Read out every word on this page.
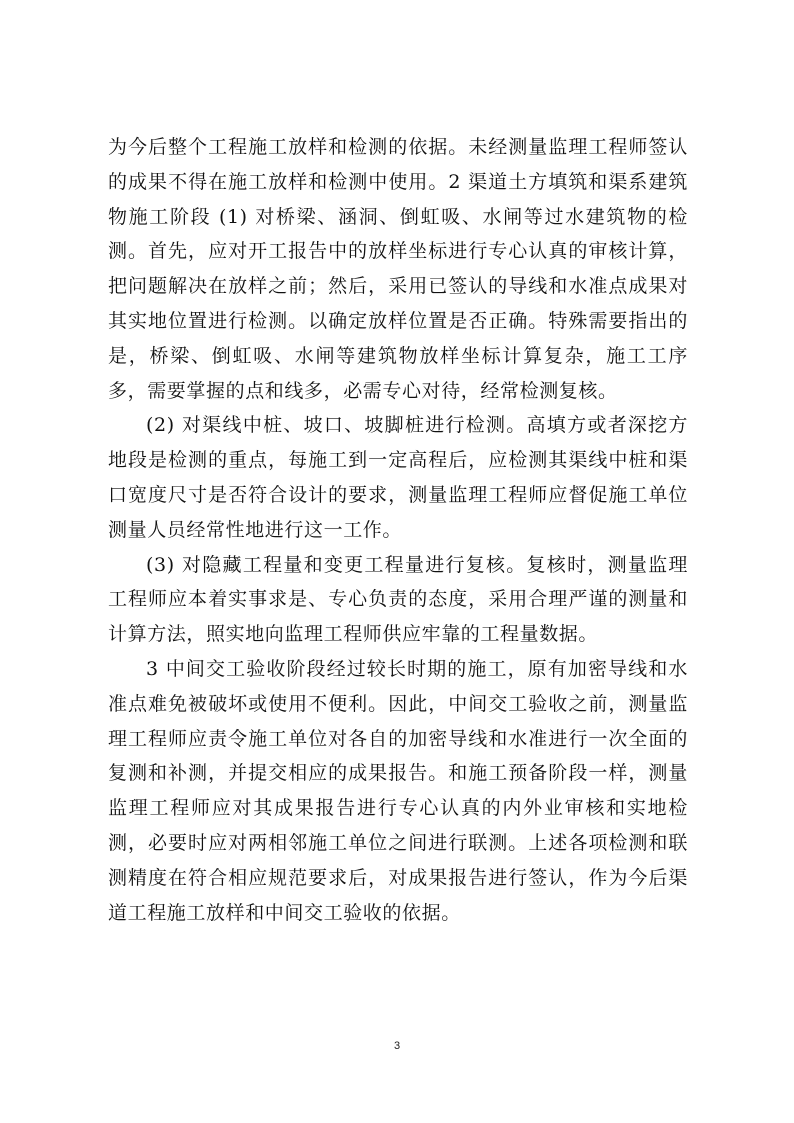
为今后整个工程施工放样和检测的依据。未经测量监理工程师签认的成果不得在施工放样和检测中使用。2 渠道土方填筑和渠系建筑物施工阶段 (1) 对桥梁、涵洞、倒虹吸、水闸等过水建筑物的检测。首先，应对开工报告中的放样坐标进行专心认真的审核计算，把问题解决在放样之前；然后，采用已签认的导线和水准点成果对其实地位置进行检测。以确定放样位置是否正确。特殊需要指出的是，桥梁、倒虹吸、水闸等建筑物放样坐标计算复杂，施工工序多，需要掌握的点和线多，必需专心对待，经常检测复核。

(2) 对渠线中桩、坡口、坡脚桩进行检测。高填方或者深挖方地段是检测的重点，每施工到一定高程后，应检测其渠线中桩和渠口宽度尺寸是否符合设计的要求，测量监理工程师应督促施工单位测量人员经常性地进行这一工作。

(3) 对隐藏工程量和变更工程量进行复核。复核时，测量监理工程师应本着实事求是、专心负责的态度，采用合理严谨的测量和计算方法，照实地向监理工程师供应牢靠的工程量数据。

3 中间交工验收阶段经过较长时期的施工，原有加密导线和水准点难免被破坏或使用不便利。因此，中间交工验收之前，测量监理工程师应责令施工单位对各自的加密导线和水准进行一次全面的复测和补测，并提交相应的成果报告。和施工预备阶段一样，测量监理工程师应对其成果报告进行专心认真的内外业审核和实地检测，必要时应对两相邻施工单位之间进行联测。上述各项检测和联测精度在符合相应规范要求后，对成果报告进行签认，作为今后渠道工程施工放样和中间交工验收的依据。

3
